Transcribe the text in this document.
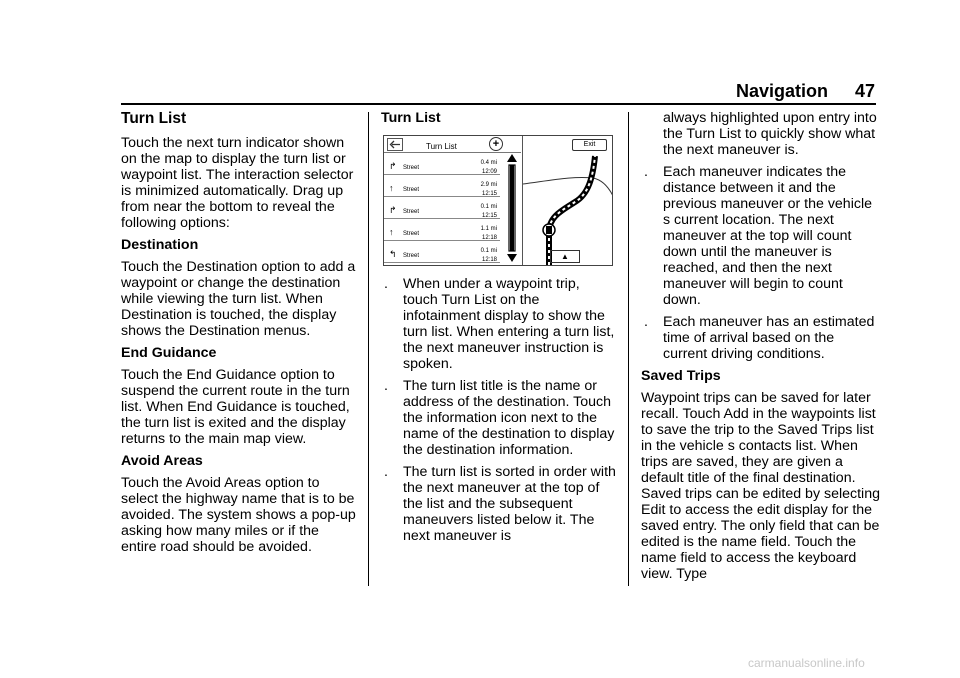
Navigation 47
Turn List

Touch the next turn indicator shown on the map to display the turn list or waypoint list. The interaction selector is minimized automatically. Drag up from near the bottom to reveal the following options:

Destination

Touch the Destination option to add a waypoint or change the destination while viewing the turn list. When Destination is touched, the display shows the Destination menus.

End Guidance

Touch the End Guidance option to suspend the current route in the turn list. When End Guidance is touched, the turn list is exited and the display returns to the main map view.

Avoid Areas

Touch the Avoid Areas option to select the highway name that is to be avoided. The system shows a pop-up asking how many miles or if the entire road should be avoided.

Turn List
Turn List	+
↱ Street
0.4 mi
12:09
↑ Street
2.9 mi
12:15
↱ Street
0.1 mi
12:15
↑ Street
1.1 mi
12:18
↰ Street
0.1 mi
12:18	▲
Exit
. When under a waypoint trip, touch Turn List on the infotainment display to show the turn list. When entering a turn list, the next maneuver instruction is spoken.
. The turn list title is the name or address of the destination. Touch the information icon next to the name of the destination to display the destination information.
. The turn list is sorted in order with the next maneuver at the top of the list and the subsequent maneuvers listed below it. The next maneuver is

always highlighted upon entry into the Turn List to quickly show what the next maneuver is.

. Each maneuver indicates the distance between it and the previous maneuver or the vehicle s current location. The next maneuver at the top will count down until the maneuver is reached, and then the next maneuver will begin to count down.
. Each maneuver has an estimated time of arrival based on the current driving conditions.
Saved Trips

Waypoint trips can be saved for later recall. Touch Add in the waypoints list to save the trip to the Saved Trips list in the vehicle s contacts list. When trips are saved, they are given a default title of the final destination. Saved trips can be edited by selecting Edit to access the edit display for the saved entry. The only field that can be edited is the name field. Touch the name field to access the keyboard view. Type

carmanualsonline.info
